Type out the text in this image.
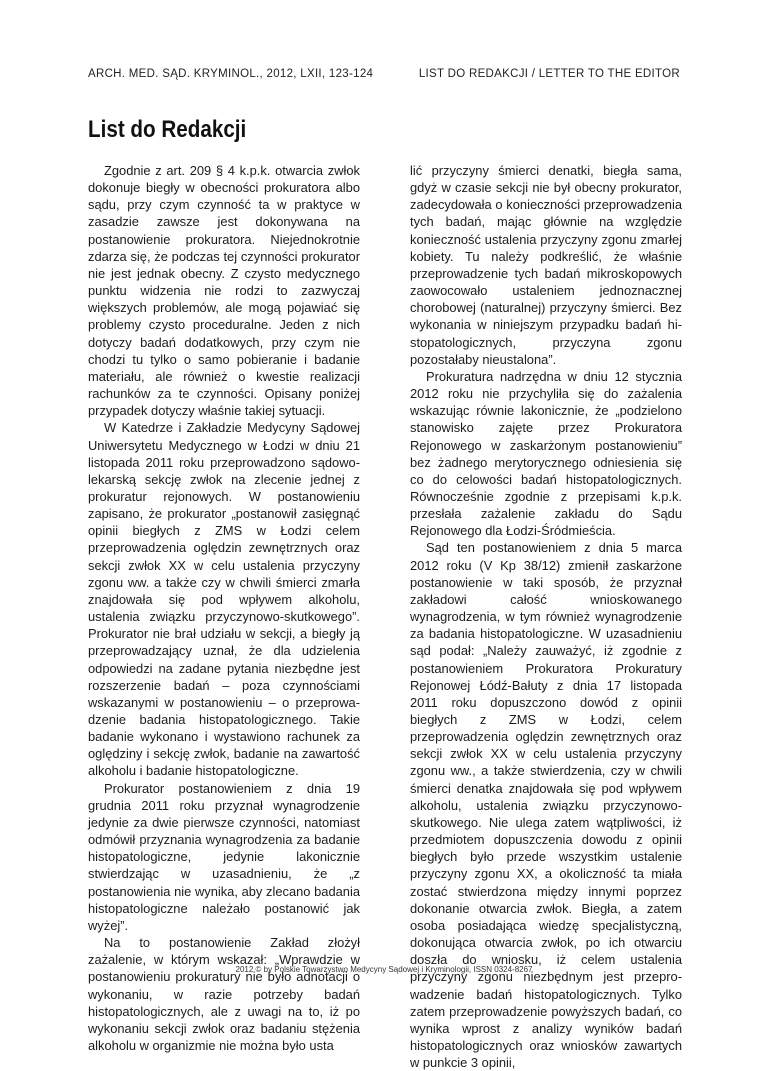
ARCH. MED. SĄD. KRYMINOL., 2012, LXII, 123-124	LIST DO REDAKCJI / LETTER TO THE EDITOR
List do Redakcji

Zgodnie z art. 209 § 4 k.p.k. otwarcia zwłok dokonuje biegły w obecności prokuratora albo sądu, przy czym czynność ta w praktyce w zasadzie zawsze jest dokonywana na postanowienie prokuratora. Niejednokrotnie zdarza się, że podczas tej czynności prokurator nie jest jednak obecny. Z czysto medycznego punktu widzenia nie rodzi to zazwyczaj większych problemów, ale mogą pojawiać się problemy czysto proceduralne. Jeden z nich dotyczy badań dodatkowych, przy czym nie chodzi tu tylko o samo pobieranie i badanie materiału, ale również o kwestie realizacji rachunków za te czynności. Opisany poniżej przypadek dotyczy właśnie takiej sytuacji.

W Katedrze i Zakładzie Medycyny Sądowej Uniwersytetu Medycznego w Łodzi w dniu 21 listopada 2011 roku przeprowadzono sądowo-lekarską sekcję zwłok na zlecenie jednej z prokuratur rejonowych. W postanowieniu zapisano, że prokurator „postanowił zasięgnąć opinii biegłych z ZMS w Łodzi celem przeprowadzenia oględzin zewnętrznych oraz sekcji zwłok XX w celu ustalenia przyczyny zgonu ww. a także czy w chwili śmierci zmarła znajdowała się pod wpływem alkoholu, ustalenia związku przyczynowo-skutkowego”. Prokurator nie brał udziału w sekcji, a biegły ją przeprowadzający uznał, że dla udzielenia odpowiedzi na zadane pytania niezbędne jest rozszerzenie badań – poza czynnościami wskazanymi w postanowieniu – o przeprowadzenie badania histopatologicznego. Takie badanie wykonano i wystawiono rachunek za oględziny i sekcję zwłok, badanie na zawartość alkoholu i badanie histopatologiczne.

Prokurator postanowieniem z dnia 19 grudnia 2011 roku przyznał wynagrodzenie jedynie za dwie pierwsze czynności, natomiast odmówił przyznania wynagrodzenia za badanie histopatologiczne, jedynie lakonicznie stwierdzając w uzasadnieniu, że „z postanowienia nie wynika, aby zlecano badania histopatologiczne należało postanowić jak wyżej”.

Na to postanowienie Zakład złożył zażalenie, w którym wskazał: „Wprawdzie w postanowieniu prokuratury nie było adnotacji o wykonaniu, w razie potrzeby badań histopatologicznych, ale z uwagi na to, iż po wykonaniu sekcji zwłok oraz badaniu stężenia alkoholu w organizmie nie można było usta

lić przyczyny śmierci denatki, biegła sama, gdyż w czasie sekcji nie był obecny prokurator, zadecydowała o konieczności przeprowadzenia tych badań, mając głównie na względzie konieczność ustalenia przyczyny zgonu zmarłej kobiety. Tu należy podkreślić, że właśnie przeprowadzenie tych badań mikroskopowych zaowocowało ustaleniem jednoznacznej chorobowej (naturalnej) przyczyny śmierci. Bez wykonania w niniejszym przypadku badań histopatologicznych, przyczyna zgonu pozostałaby nieustalona”.

Prokuratura nadrzędna w dniu 12 stycznia 2012 roku nie przychyliła się do zażalenia wskazując równie lakonicznie, że „podzielono stanowisko zajęte przez Prokuratora Rejonowego w zaskarżonym postanowieniu” bez żadnego merytorycznego odniesienia się co do celowości badań histopatologicznych. Równocześnie zgodnie z przepisami k.p.k. przesłała zażalenie zakładu do Sądu Rejonowego dla Łodzi-Śródmieścia.

Sąd ten postanowieniem z dnia 5 marca 2012 roku (V Kp 38/12) zmienił zaskarżone postanowienie w taki sposób, że przyznał zakładowi całość wnioskowanego wynagrodzenia, w tym również wynagrodzenie za badania histopatologiczne. W uzasadnieniu sąd podał: „Należy zauważyć, iż zgodnie z postanowieniem Prokuratora Prokuratury Rejonowej Łódź-Bałuty z dnia 17 listopada 2011 roku dopuszczono dowód z opinii biegłych z ZMS w Łodzi, celem przeprowadzenia oględzin zewnętrznych oraz sekcji zwłok XX w celu ustalenia przyczyny zgonu ww., a także stwierdzenia, czy w chwili śmierci denatka znajdowała się pod wpływem alkoholu, ustalenia związku przyczynowo-skutkowego. Nie ulega zatem wątpliwości, iż przedmiotem dopuszczenia dowodu z opinii biegłych było przede wszystkim ustalenie przyczyny zgonu XX, a okoliczność ta miała zostać stwierdzona między innymi poprzez dokonanie otwarcia zwłok. Biegła, a zatem osoba posiadająca wiedzę specjalistyczną, dokonująca otwarcia zwłok, po ich otwarciu doszła do wniosku, iż celem ustalenia przyczyny zgonu niezbędnym jest przeprowadzenie badań histopatologicznych. Tylko zatem przeprowadzenie powyższych badań, co wynika wprost z analizy wyników badań histopatologicznych oraz wniosków zawartych w punkcie 3 opinii,

2012 © by Polskie Towarzystwo Medycyny Sądowej i Kryminologii, ISSN 0324-8267
